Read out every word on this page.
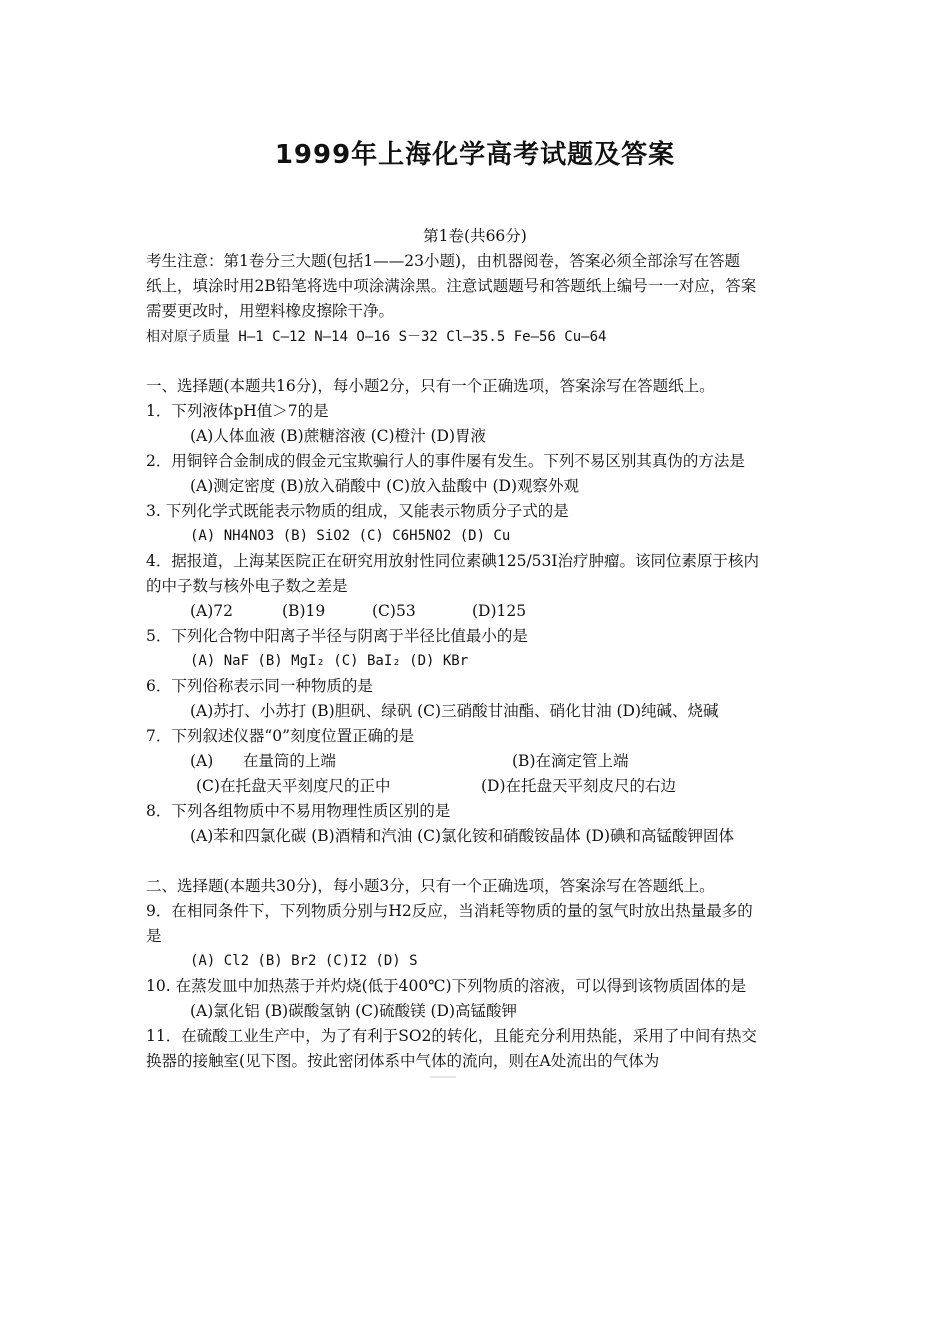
1999年上海化学高考试题及答案
第1卷(共66分)
考生注意：第1卷分三大题(包括1——23小题)，由机器阅卷，答案必须全部涂写在答题
纸上，填涂时用2B铅笔将选中项涂满涂黑。注意试题题号和答题纸上编号一一对应，答案
需要更改时，用塑料橡皮擦除干净。
相对原子质量 H—1 C—12 N—14 O—16 S－32 Cl—35.5 Fe—56 Cu—64
一、选择题(本题共16分)，每小题2分，只有一个正确选项，答案涂写在答题纸上。
1．下列液体pH值＞7的是
(A)人体血液 (B)蔗糖溶液 (C)橙汁 (D)胃液
2．用铜锌合金制成的假金元宝欺骗行人的事件屡有发生。下列不易区别其真伪的方法是
(A)测定密度 (B)放入硝酸中 (C)放入盐酸中 (D)观察外观
3. 下列化学式既能表示物质的组成，又能表示物质分子式的是
(A) NH4NO3 (B) SiO2 (C) C6H5NO2 (D) Cu
4．据报道，上海某医院正在研究用放射性同位素碘125/53I治疗肿瘤。该同位素原于核内
的中子数与核外电子数之差是
(A)72	(B)19	(C)53	(D)125
5．下列化合物中阳离子半径与阴离于半径比值最小的是
(A) NaF (B) MgI₂ (C) BaI₂ (D) KBr
6．下列俗称表示同一种物质的是
(A)苏打、小苏打 (B)胆矾、绿矾 (C)三硝酸甘油酯、硝化甘油 (D)纯碱、烧碱
7．下列叙述仪器“0”刻度位置正确的是
(A)      在量筒的上端	(B)在滴定管上端
(C)在托盘天平刻度尺的正中	(D)在托盘天平刻皮尺的右边
8．下列各组物质中不易用物理性质区别的是
(A)苯和四氯化碳 (B)酒精和汽油 (C)氯化铵和硝酸铵晶体 (D)碘和高锰酸钾固体
二、选择题(本题共30分)，每小题3分，只有一个正确选项，答案涂写在答题纸上。
9．在相同条件下，下列物质分别与H2反应，当消耗等物质的量的氢气时放出热量最多的
是
(A) Cl2 (B) Br2 (C)I2 (D) S
10. 在蒸发皿中加热蒸于并灼烧(低于400℃)下列物质的溶液，可以得到该物质固体的是
(A)氯化铝 (B)碳酸氢钠 (C)硫酸镁 (D)高锰酸钾
11．在硫酸工业生产中，为了有利于SO2的转化，且能充分利用热能，采用了中间有热交
换器的接触室(见下图。按此密闭体系中气体的流向，则在A处流出的气体为
